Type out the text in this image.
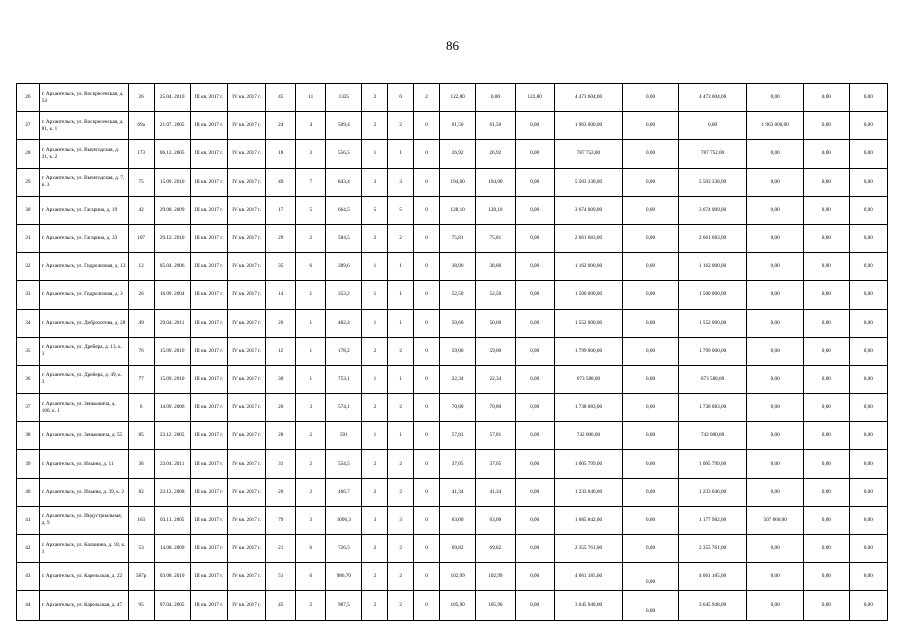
86
26	г. Архангельск, ул. Воскресенская, д. 54	26	25.04. 2010	III кв. 2017 г.	IV кв. 2017 г.	45	11	1325	2	0	2	122,80	0,00	122,80	4 473 604,00	0,00	4 473 604,00	0,00	0,00	0,00
27	г. Архангельск, ул. Воскресенская, д. 81, к. 1	69а	21.07. 2005	III кв. 2017 г.	IV кв. 2017 г.	24	4	509,4	2	2	0	61,50	61,50	0,00	1 963 000,00	0,00	0,00	1 963 000,00	0,00	0,00
28	г. Архангельск, ул. Вычегодская, д. 31, к. 2	173	06.12. 2005	III кв. 2017 г.	IV кв. 2017 г.	18	3	556,5	1	1	0	26,92	26,92	0,00	787 752,00	0,00	787 752,00	0,00	0,00	0,00
29	г. Архангельск, ул. Вычегодская, д. 7, к. 3	75	15.09. 2010	III кв. 2017 г.	IV кв. 2017 г.	49	7	843,4	3	3	0	194,00	194,00	0,00	5 503 338,00	0,00	5 503 338,00	0,00	0,00	0,00
30	г. Архангельск, ул. Гагарина, д. 19	42	29.08. 2009	III кв. 2017 г.	IV кв. 2017 г.	17	5	664,5	5	5	0	128,10	128,10	0,00	3 674 009,00	0,00	3 674 009,00	0,00	0,00	0,00
31	г. Архангельск, ул. Гагарина, д. 33	107	29.12. 2010	III кв. 2017 г.	IV кв. 2017 г.	29	2	584,5	2	2	0	75,81	75,81	0,00	2 661 683,00	0,00	2 661 683,00	0,00	0,00	0,00
32	г. Архангельск, ул. Гидролизная, д. 13	12	05.04. 2006	III кв. 2017 г.	IV кв. 2017 г.	35	6	389,6	1	1	0	38,80	38,80	0,00	1 162 000,00	0,00	1 162 000,00	0,00	0,00	0,00
33	г. Архангельск, ул. Гидролизная, д. 3	26	16.09. 2004	III кв. 2017 г.	IV кв. 2017 г.	14	1	353,2	1	1	0	52,50	52,50	0,00	1 500 000,00	0,00	1 500 000,00	0,00	0,00	0,00
34	г. Архангельск, ул. Доброхотова, д. 28	49	29.04. 2011	III кв. 2017 г.	IV кв. 2017 г.	26	1	482,4	1	1	0	50,60	50,60	0,00	1 552 000,00	0,00	1 552 000,00	0,00	0,00	0,00
35	г. Архангельск, ул. Дрейера, д. 13, к. 1	76	15.09. 2010	III кв. 2017 г.	IV кв. 2017 г.	12	1	178,2	2	2	0	59,00	59,00	0,00	1 799 000,00	0,00	1 799 000,00	0,00	0,00	0,00
36	г. Архангельск, ул. Дрейера, д. 49, к. 3	77	15.09. 2010	III кв. 2017 г.	IV кв. 2017 г.	30	1	753,1	1	1	0	22,34	22,34	0,00	673 588,00	0,00	673 588,00	0,00	0,00	0,00
37	г. Архангельск, ул. Зеньковича, д. 100, к. 1	6	14.09. 2006	III кв. 2017 г.	IV кв. 2017 г.	20	3	574,1	2	2	0	70,80	70,80	0,00	1 738 083,00	0,00	1 738 083,00	0,00	0,00	0,00
38	г. Архангельск, ул. Зеньковича, д. 55	85	23.12. 2005	III кв. 2017 г.	IV кв. 2017 г.	28	2	591	1	1	0	57,81	57,81	0,00	742 000,00	0,00	742 000,00	0,00	0,00	0,00
39	г. Архангельск, ул. Ильина, д. 11	36	23.04. 2011	III кв. 2017 г.	IV кв. 2017 г.	31	2	554,5	2	2	0	37,05	37,05	0,00	1 005 799,00	0,00	1 005 799,00	0,00	0,00	0,00
40	г. Архангельск, ул. Ильина, д. 39, к. 2	82	23.12. 2008	III кв. 2017 г.	IV кв. 2017 г.	20	2	466,7	2	2	0	41,34	41,34	0,00	1 233 646,00	0,00	1 233 646,00	0,00	0,00	0,00
41	г. Архангельск, ул. Индустриальная, д. 9	163	03.11. 2005	III кв. 2017 г.	IV кв. 2017 г.	79	3	1096,3	3	3	0	63,00	63,00	0,00	1 685 842,00	0,00	1 177 982,00	507 860,00	0,00	0,00
42	г. Архангельск, ул. Калинина, д. 18, к. 1	53	14.08. 2009	III кв. 2017 г.	IV кв. 2017 г.	21	6	726,5	2	2	0	69,82	69,82	0,00	2 355 761,00	0,00	2 355 761,00	0,00	0,00	0,00
43	г. Архангельск, ул. Карельская, д. 22	587р	03.08. 2010	III кв. 2017 г.	IV кв. 2017 г.	51	6	986,70	2	2	0	102,99	102,99	0,00	4 061 185,00	0,00	4 061 185,00	0,00	0,00	0,00
44	г. Архангельск, ул. Карельская, д. 47	95	07.04. 2005	III кв. 2017 г.	IV кв. 2017 г.	45	2	987,5	2	2	0	105,90	105,90	0,00	3 645 948,00	0,00	3 645 948,00	0,00	0,00	0,00
